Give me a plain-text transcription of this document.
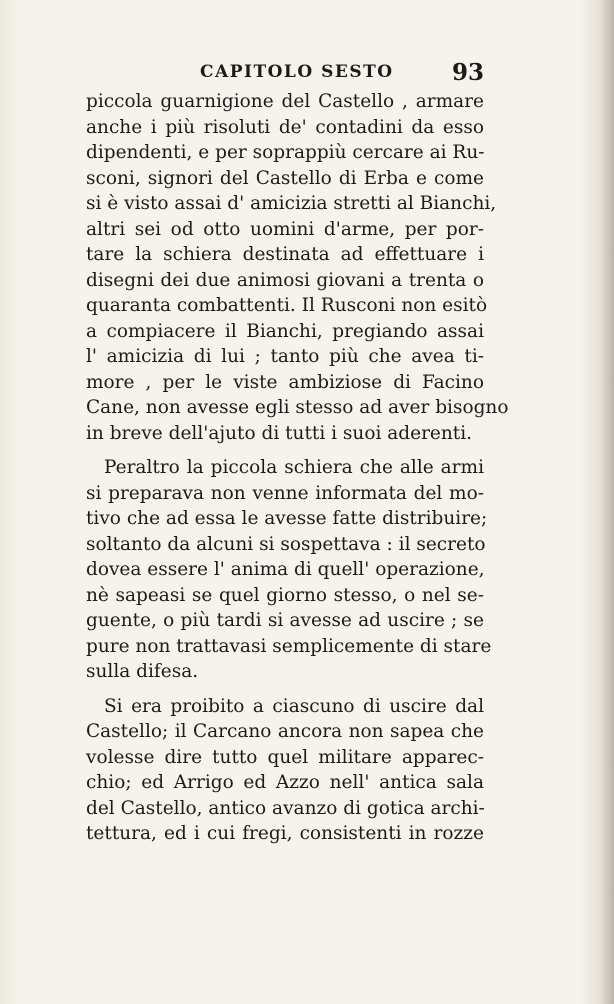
CAPITOLO SESTO	93
piccola guarnigione del Castello , armare
anche i più risoluti de' contadini da esso
dipendenti, e per soprappiù cercare ai Ru-
sconi, signori del Castello di Erba e come
si è visto assai d' amicizia stretti al Bianchi,
altri sei od otto uomini d'arme, per por-
tare la schiera destinata ad effettuare i
disegni dei due animosi giovani a trenta o
quaranta combattenti. Il Rusconi non esitò
a compiacere il Bianchi, pregiando assai
l' amicizia di lui ; tanto più che avea ti-
more , per le viste ambiziose di Facino
Cane, non avesse egli stesso ad aver bisogno
in breve dell'ajuto di tutti i suoi aderenti.
Peraltro la piccola schiera che alle armi
si preparava non venne informata del mo-
tivo che ad essa le avesse fatte distribuire;
soltanto da alcuni si sospettava : il secreto
dovea essere l' anima di quell' operazione,
nè sapeasi se quel giorno stesso, o nel se-
guente, o più tardi si avesse ad uscire ; se
pure non trattavasi semplicemente di stare
sulla difesa.
Si era proibito a ciascuno di uscire dal
Castello; il Carcano ancora non sapea che
volesse dire tutto quel militare apparec-
chio; ed Arrigo ed Azzo nell' antica sala
del Castello, antico avanzo di gotica archi-
tettura, ed i cui fregi, consistenti in rozze
